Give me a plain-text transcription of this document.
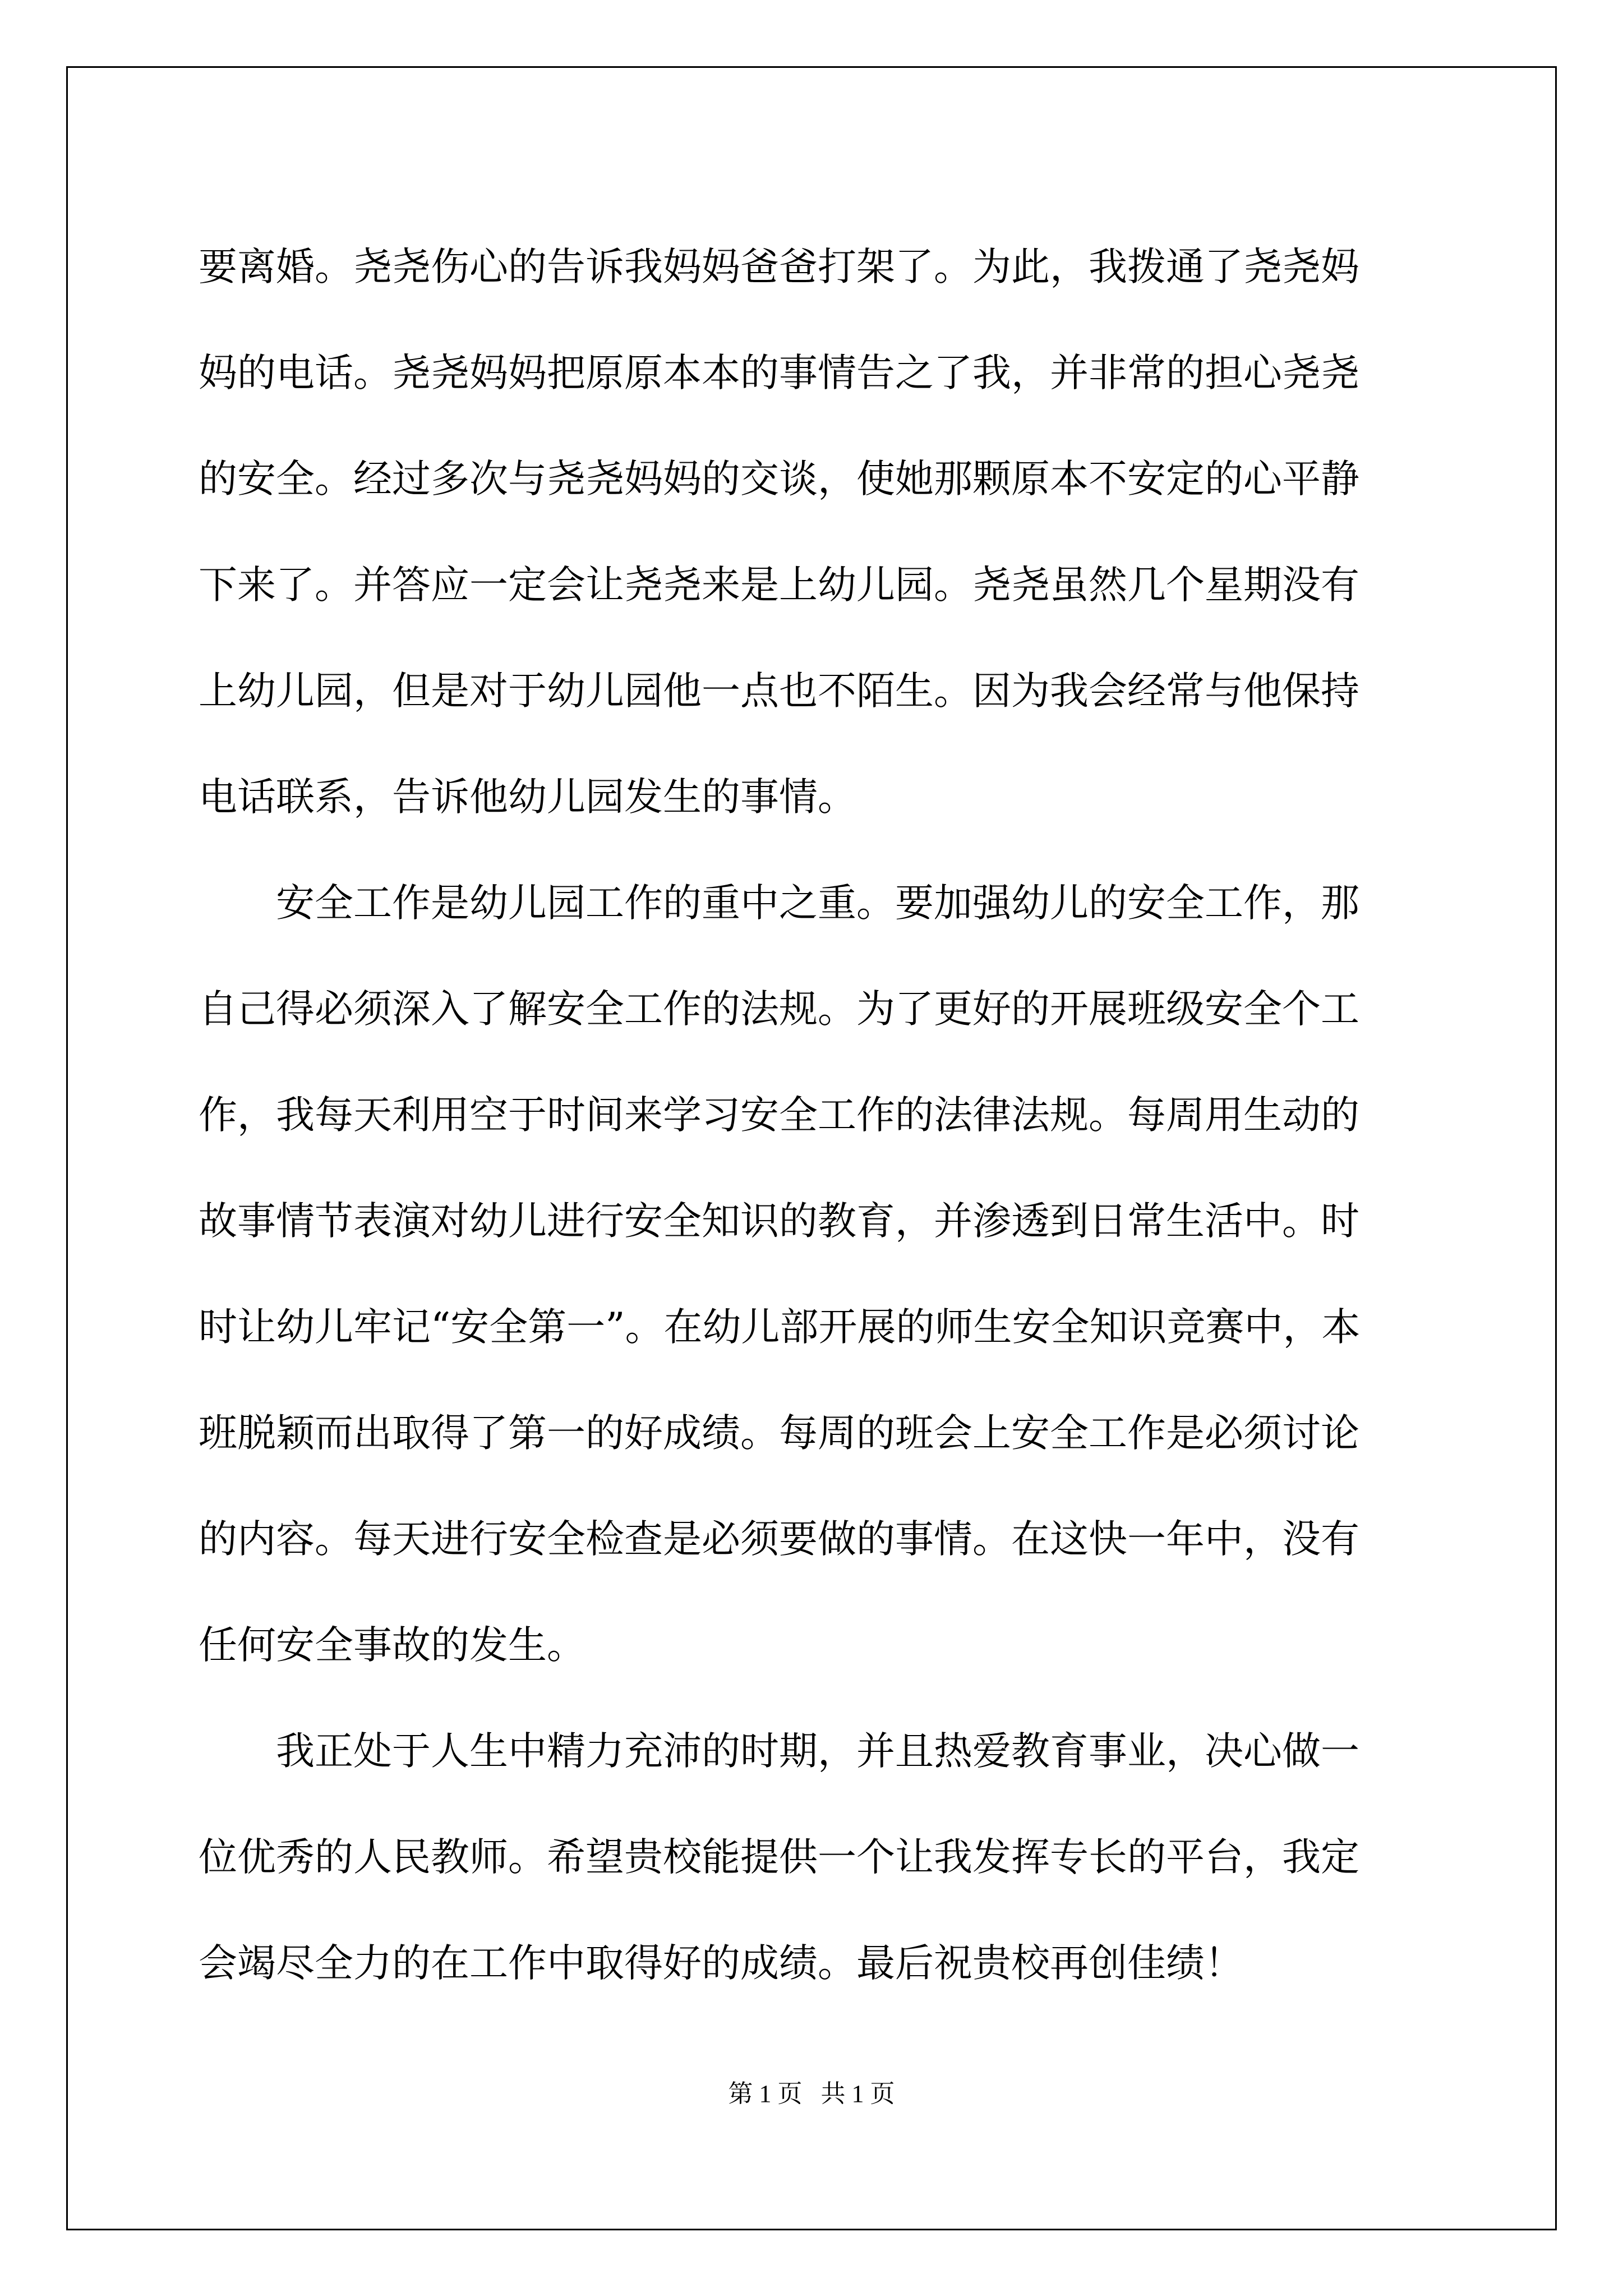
要离婚。尧尧伤心的告诉我妈妈爸爸打架了。为此，我拨通了尧尧妈
妈的电话。尧尧妈妈把原原本本的事情告之了我，并非常的担心尧尧
的安全。经过多次与尧尧妈妈的交谈，使她那颗原本不安定的心平静
下来了。并答应一定会让尧尧来是上幼儿园。尧尧虽然几个星期没有
上幼儿园，但是对于幼儿园他一点也不陌生。因为我会经常与他保持
电话联系，告诉他幼儿园发生的事情。
安全工作是幼儿园工作的重中之重。要加强幼儿的安全工作，那
自己得必须深入了解安全工作的法规。为了更好的开展班级安全个工
作，我每天利用空于时间来学习安全工作的法律法规。每周用生动的
故事情节表演对幼儿进行安全知识的教育，并渗透到日常生活中。时
时让幼儿牢记“安全第一”。在幼儿部开展的师生安全知识竞赛中，本
班脱颖而出取得了第一的好成绩。每周的班会上安全工作是必须讨论
的内容。每天进行安全检查是必须要做的事情。在这快一年中，没有
任何安全事故的发生。
我正处于人生中精力充沛的时期，并且热爱教育事业，决心做一
位优秀的人民教师。希望贵校能提供一个让我发挥专长的平台，我定
会竭尽全力的在工作中取得好的成绩。最后祝贵校再创佳绩！
第 1 页   共 1 页
